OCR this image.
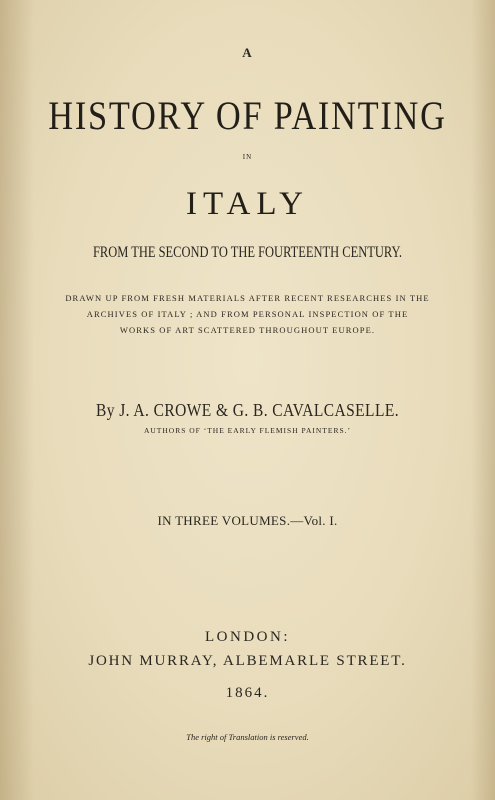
A

HISTORY OF PAINTING

IN

ITALY

FROM THE SECOND TO THE FOURTEENTH CENTURY.

DRAWN UP FROM FRESH MATERIALS AFTER RECENT RESEARCHES IN THE

ARCHIVES OF ITALY ; AND FROM PERSONAL INSPECTION OF THE

WORKS OF ART SCATTERED THROUGHOUT EUROPE.

By J. A. CROWE & G. B. CAVALCASELLE.

AUTHORS OF ‘THE EARLY FLEMISH PAINTERS.’

IN THREE VOLUMES.—Vol. I.

LONDON:

JOHN MURRAY, ALBEMARLE STREET.

1864.

The right of Translation is reserved.
